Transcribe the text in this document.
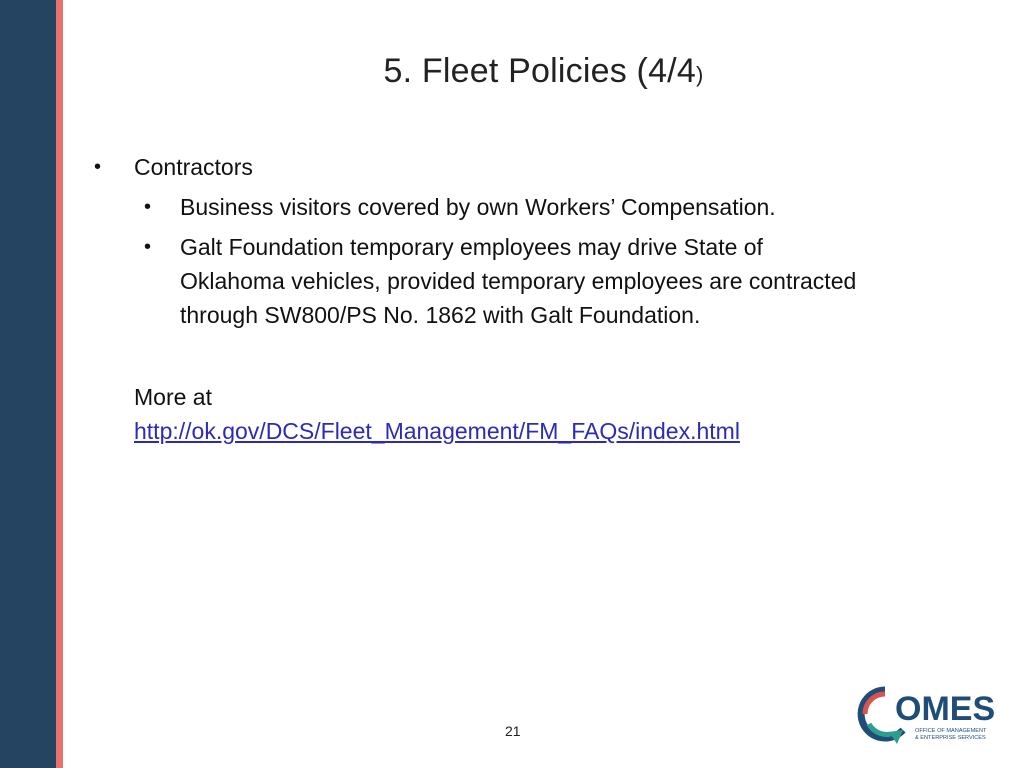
5. Fleet Policies (4/4)

• Contractors

• Business visitors covered by own Workers’ Compensation.

• Galt Foundation temporary employees may drive State of Oklahoma vehicles, provided temporary employees are contracted through SW800/PS No. 1862 with Galt Foundation.

More at
http://ok.gov/DCS/Fleet_Management/FM_FAQs/index.html
21
OMES
OFFICE OF MANAGEMENT
& ENTERPRISE SERVICES
